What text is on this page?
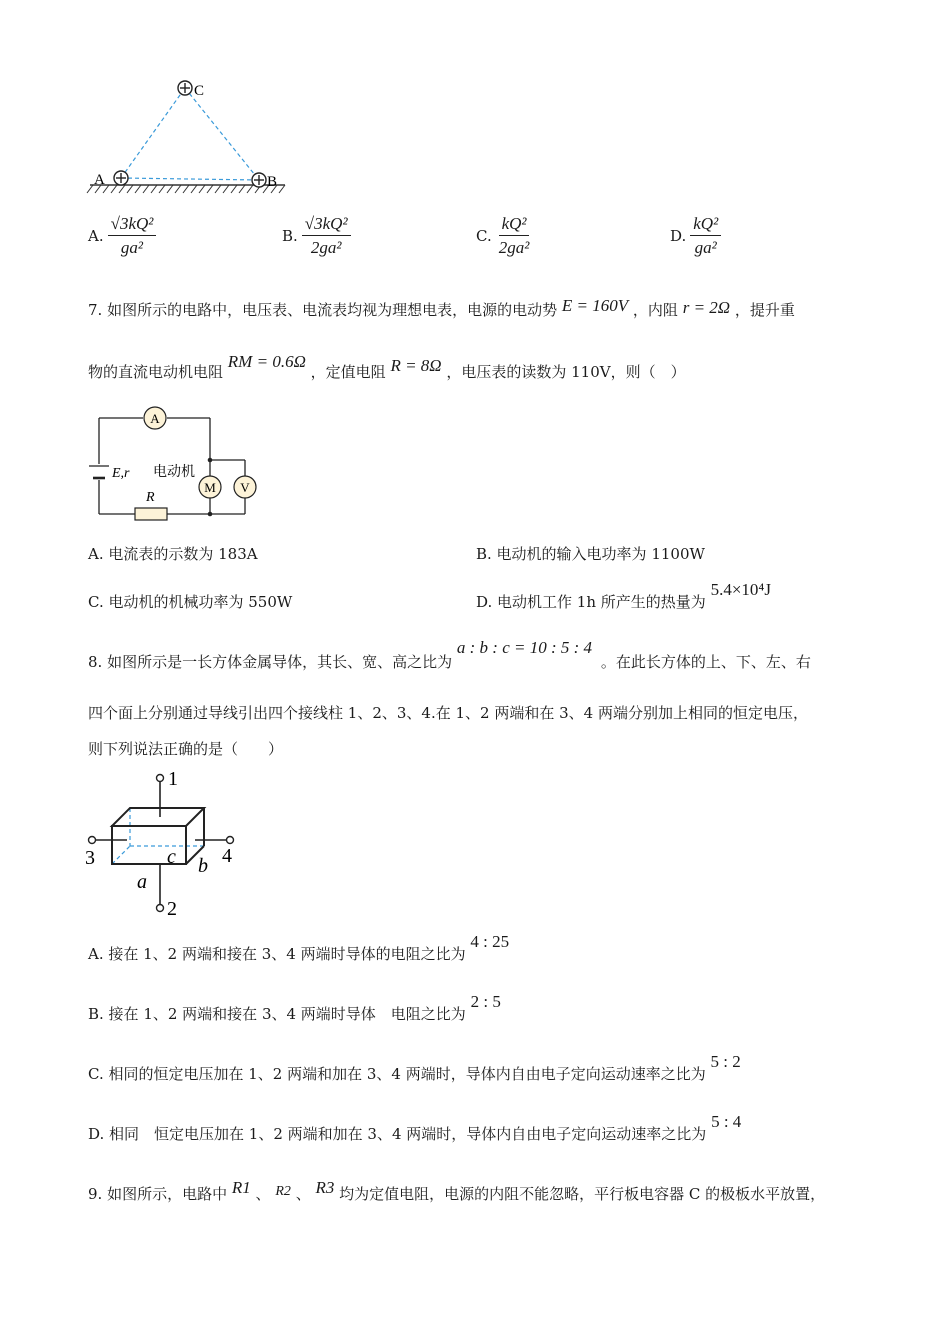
A	B
C
A. $\frac{\text{√3kQ²}}{\text{ga²}}$	B. $\frac{\text{√3kQ²}}{\text{2ga²}}$	C. $\frac{\text{kQ²}}{\text{2ga²}}$	D. $\frac{\text{kQ²}}{\text{ga²}}$
7. 如图所示的电路中，电压表、电流表均视为理想电表，电源的电动势 E = 160V ，内阻 r = 2Ω ，提升重
物的直流电动机电阻 RM = 0.6Ω ，定值电阻 R = 8Ω ，电压表的读数为 110V，则（　）
A
M V
E,r 电动机
R
A. 电流表的示数为 183A	B. 电动机的输入电功率为 1100W
C. 电动机的机械功率为 550W	D. 电动机工作 1h 所产生的热量为 5.4×10⁴J
8. 如图所示是一长方体金属导体，其长、宽、高之比为 a : b : c = 10 : 5 : 4 。在此长方体的上、下、左、右
四个面上分别通过导线引出四个接线柱 1、2、3、4.在 1、2 两端和在 3、4 两端分别加上相同的恒定电压，
则下列说法正确的是（　　）
1
2
3	4
a
b
c
A. 接在 1、2 两端和接在 3、4 两端时导体的电阻之比为 4 : 25
B. 接在 1、2 两端和接在 3、4 两端时导体　电阻之比为 2 : 5
C. 相同的恒定电压加在 1、2 两端和加在 3、4 两端时，导体内自由电子定向运动速率之比为 5 : 2
D. 相同　恒定电压加在 1、2 两端和加在 3、4 两端时，导体内自由电子定向运动速率之比为 5 : 4
9. 如图所示，电路中 R1 、 R2 、 R3 均为定值电阻，电源的内阻不能忽略，平行板电容器 C 的极板水平放置，
